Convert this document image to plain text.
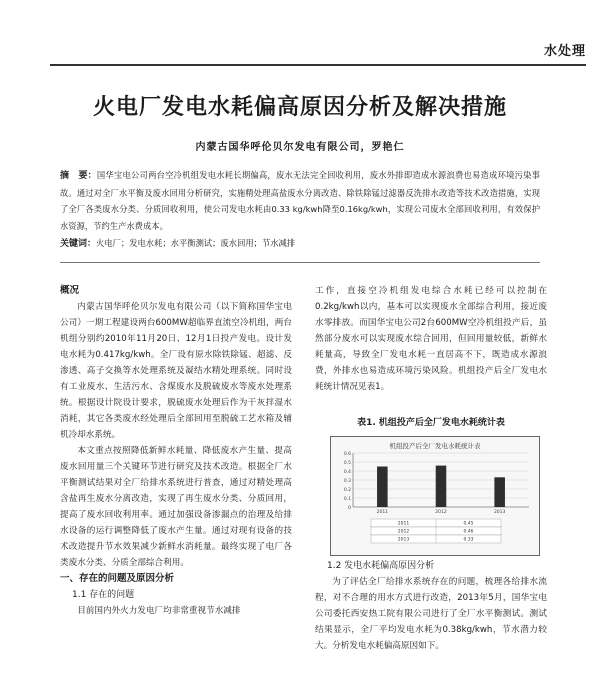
水处理
火电厂发电水耗偏高原因分析及解决措施
内蒙古国华呼伦贝尔发电有限公司，罗艳仁
摘　要：国华宝电公司两台空冷机组发电水耗长期偏高，废水无法完全回收利用，废水外排即造成水源浪费也易造成环境污染事故。通过对全厂水平衡及废水回用分析研究，实施精处理高盐废水分离改造、除铁除锰过滤器反洗排水改造等技术改造措施，实现了全厂各类废水分类、分质回收利用，使公司发电水耗由0.33 kg/kwh降至0.16kg/kwh，实现公司废水全部回收利用，有效保护水资源，节约生产水费成本。
关键词：火电厂；发电水耗；水平衡测试；废水回用；节水减排

概况

内蒙古国华呼伦贝尔发电有限公司（以下简称国华宝电公司）一期工程建设两台600MW超临界直流空冷机组，两台机组分别约2010年11月20日、12月1日投产发电。设计发电水耗为0.417kg/kwh。全厂设有原水除铁除锰、超滤、反渗透、高子交换等水处理系统及凝结水精处理系统。同时设有工业废水、生活污水、含煤废水及脱硫废水等废水处理系统。根据设计院设计要求，脱硫废水处理后作为干灰拌湿水消耗，其它各类废水经处理后全部回用至脱硫工艺水箱及辅机冷却水系统。

本文重点按照降低新鲜水耗量、降低废水产生量、提高废水回用量三个关键环节进行研究及技术改造。根据全厂水平衡测试结果对全厂给排水系统进行普查，通过对精处理高含盐再生废水分离改造，实现了再生废水分类、分质回用，提高了废水回收利用率。通过加强设备渗漏点的治理及给排水设备的运行调整降低了废水产生量。通过对现有设备的技术改造提升节水效果减少新鲜水消耗量。最终实现了电厂各类废水分类、分质全部综合利用。

一、存在的问题及原因分析

1.1 存在的问题

目前国内外火力发电厂均非常重视节水减排

工作，直接空冷机组发电综合水耗已经可以控制在0.2kg/kwh以内，基本可以实现废水全部综合利用，接近废水零排放。而国华宝电公司2台600MW空冷机组投产后，虽然部分废水可以实现废水综合回用，但回用量较低，新鲜水耗量高，导致全厂发电水耗一直居高不下，既造成水源浪费，外排水也易造成环境污染风险。机组投产后全厂发电水耗统计情况见表1。

表1. 机组投产后全厂发电水耗统计表
机组投产后全厂发电水耗统计表
0.6
0.5
0.4
0.3
0.2
0.1
0
2011	2012	2013
2011	0.45
2012	0.46
2013	0.33

1.2 发电水耗偏高原因分析

为了评估全厂给排水系统存在的问题，梳理各给排水流程，对不合理的用水方式进行改造，2013年5月，国华宝电公司委托西安热工院有限公司进行了全厂水平衡测试。测试结果显示，全厂平均发电水耗为0.38kg/kwh，节水潜力较大。分析发电水耗偏高原因如下。
